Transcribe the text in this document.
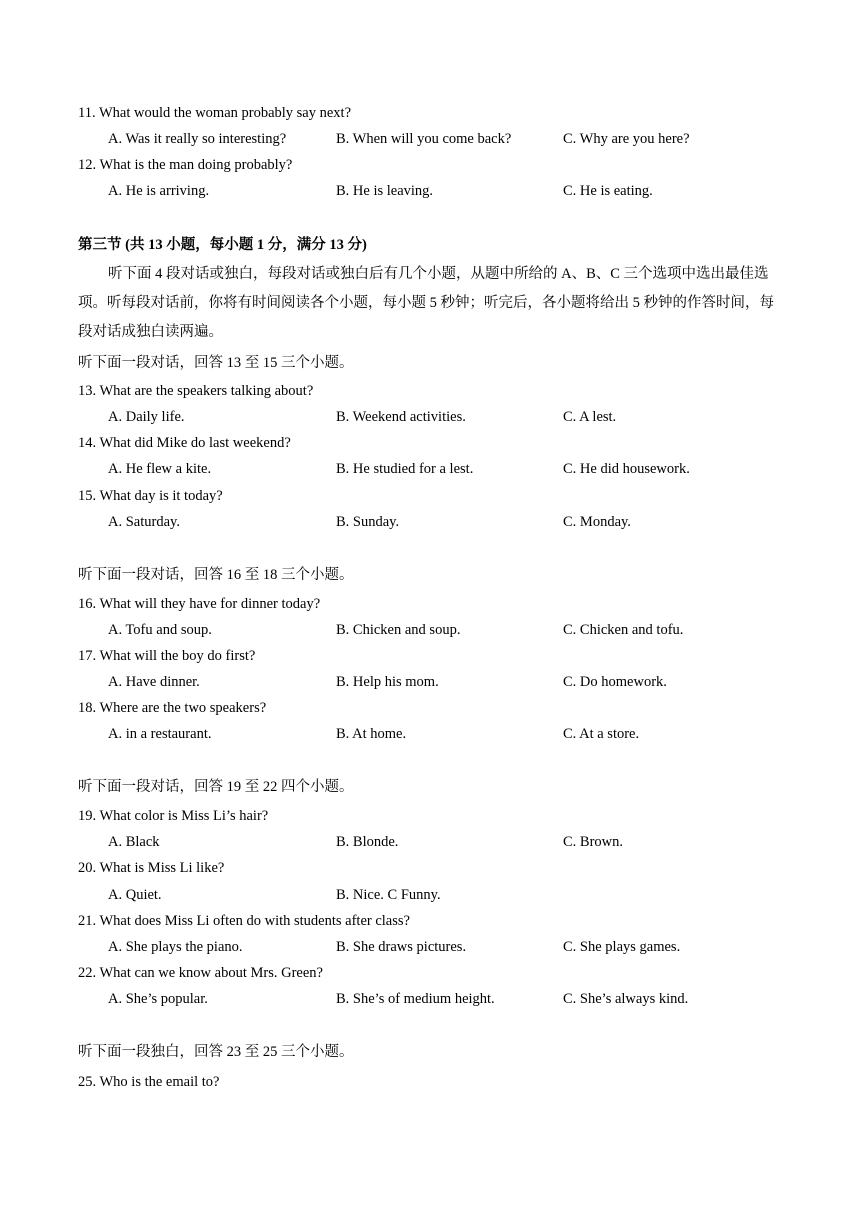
11. What would the woman probably say next?
A. Was it really so interesting?	B. When will you come back?	C. Why are you here?
12. What is the man doing probably?
A. He is arriving.	B. He is leaving.	C. He is eating.
第三节 (共 13 小题，每小题 1 分，满分 13 分)
听下面 4 段对话或独白，每段对话或独白后有几个小题，从题中所给的 A、B、C 三个选项中选出最佳选项。听每段对话前，你将有时间阅读各个小题，每小题 5 秒钟；听完后，各小题将给出 5 秒钟的作答时间，每段对话成独白读两遍。
听下面一段对话，回答 13 至 15 三个小题。
13. What are the speakers talking about?
A. Daily life.	B. Weekend activities.	C. A lest.
14. What did Mike do last weekend?
A. He flew a kite.	B. He studied for a lest.	C. He did housework.
15. What day is it today?
A. Saturday.	B. Sunday.	C. Monday.
听下面一段对话，回答 16 至 18 三个小题。
16. What will they have for dinner today?
A. Tofu and soup.	B. Chicken and soup.	C. Chicken and tofu.
17. What will the boy do first?
A. Have dinner.	B. Help his mom.	C. Do homework.
18. Where are the two speakers?
A. in a restaurant.	B. At home.	C. At a store.
听下面一段对话，回答 19 至 22 四个小题。
19. What color is Miss Li’s hair?
A. Black	B. Blonde.	C. Brown.
20. What is Miss Li like?
A. Quiet.	B. Nice. C Funny.
21. What does Miss Li often do with students after class?
A. She plays the piano.	B. She draws pictures.	C. She plays games.
22. What can we know about Mrs. Green?
A. She’s popular.	B. She’s of medium height.	C. She’s always kind.
听下面一段独白，回答 23 至 25 三个小题。
25. Who is the email to?
